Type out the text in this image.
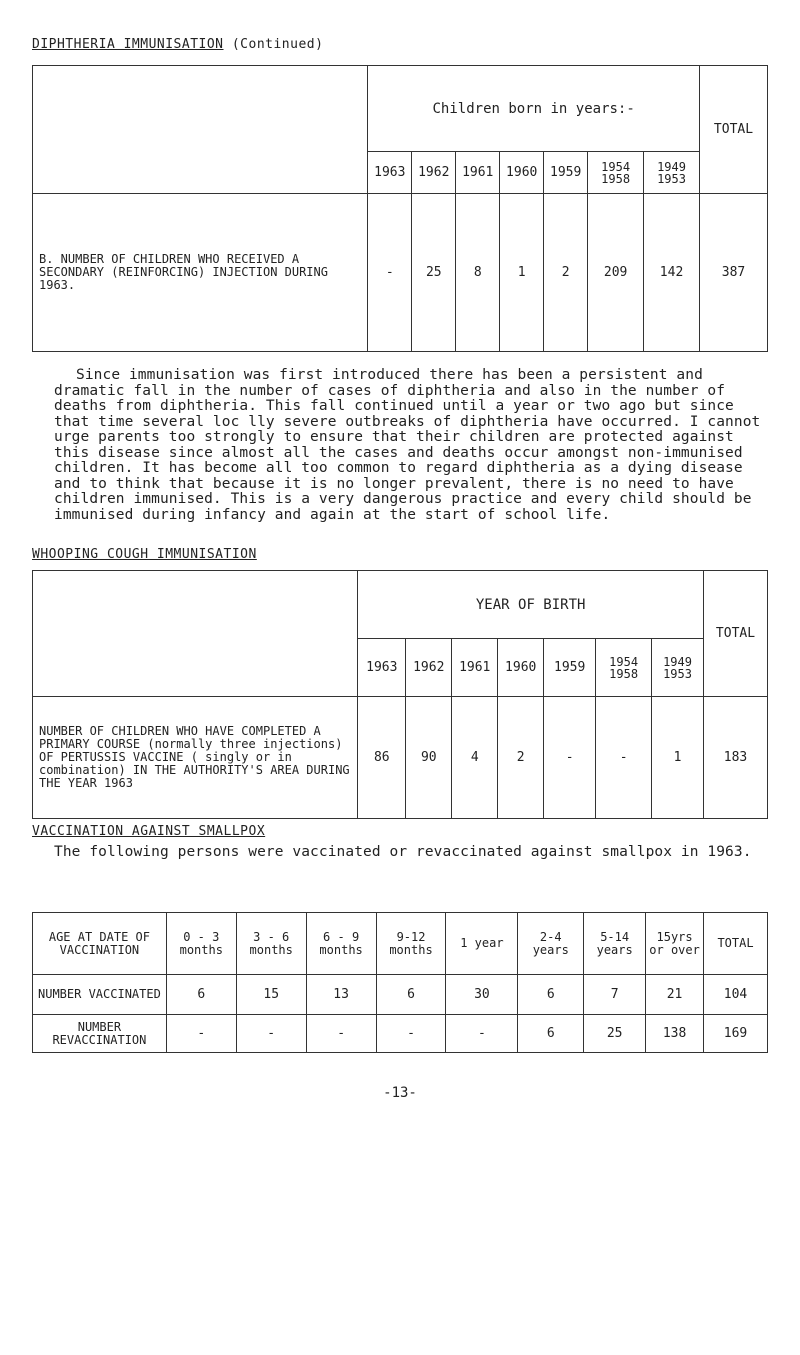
DIPHTHERIA IMMUNISATION (Continued)
	Children born in years:-							TOTAL
	1963	1962	1961	1960	1959	1954 1958	1949 1953	
B. NUMBER OF CHILDREN WHO RECEIVED A SECONDARY (REINFORCING) INJECTION DURING 1963.	-	25	8	1	2	209	142	387
Since immunisation was first introduced there has been a persistent and dramatic fall in the number of cases of diphtheria and also in the number of deaths from diphtheria. This fall continued until a year or two ago but since that time several loc lly severe outbreaks of diphtheria have occurred. I cannot urge parents too strongly to ensure that their children are protected against this disease since almost all the cases and deaths occur amongst non-immunised children. It has become all too common to regard diphtheria as a dying disease and to think that because it is no longer prevalent, there is no need to have children immunised. This is a very dangerous practice and every child should be immunised during infancy and again at the start of school life.
WHOOPING COUGH IMMUNISATION
	YEAR OF BIRTH							TOTAL
	1963	1962	1961	1960	1959	1954 1958	1949 1953	
NUMBER OF CHILDREN WHO HAVE COMPLETED A PRIMARY COURSE (normally three injections) OF PERTUSSIS VACCINE ( singly or in combination) IN THE AUTHORITY'S AREA DURING THE YEAR 1963	86	90	4	2	-	-	1	183
VACCINATION AGAINST SMALLPOX
The following persons were vaccinated or revaccinated against smallpox in 1963.
AGE AT DATE OF VACCINATION	0 - 3 months	3 - 6 months	6 - 9 months	9-12 months	1 year	2-4 years	5-14 years	15yrs or over	TOTAL
NUMBER VACCINATED	6	15	13	6	30	6	7	21	104
NUMBER REVACCINATION	-	-	-	-	-	6	25	138	169
-13-
